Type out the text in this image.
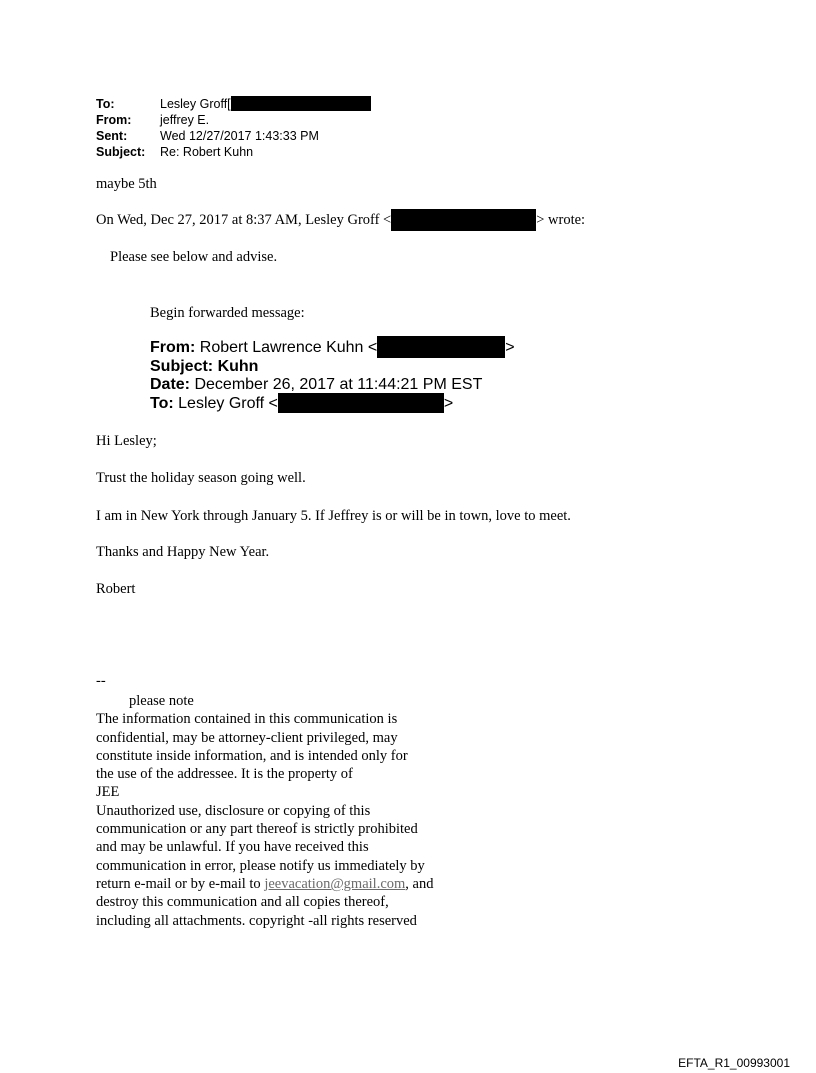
To:	Lesley Groff[
From: jeffrey E.
Sent:	Wed 12/27/2017 1:43:33 PM
Subject: Re: Robert Kuhn
maybe 5th
On Wed, Dec 27, 2017 at 8:37 AM, Lesley Groff <	> wrote:
Please see below and advise.
Begin forwarded message:
From: Robert Lawrence Kuhn <	>
Subject: Kuhn
Date: December 26, 2017 at 11:44:21 PM EST
To: Lesley Groff <	>
Hi Lesley;
Trust the holiday season going well.
I am in New York through January 5. If Jeffrey is or will be in town, love to meet.
Thanks and Happy New Year.
Robert
--
please note
The information contained in this communication is
confidential, may be attorney-client privileged, may
constitute inside information, and is intended only for
the use of the addressee. It is the property of
JEE
Unauthorized use, disclosure or copying of this
communication or any part thereof is strictly prohibited
and may be unlawful. If you have received this
communication in error, please notify us immediately by
return e-mail or by e-mail to jeevacation@gmail.com, and
destroy this communication and all copies thereof,
including all attachments. copyright -all rights reserved
EFTA_R1_00993001
